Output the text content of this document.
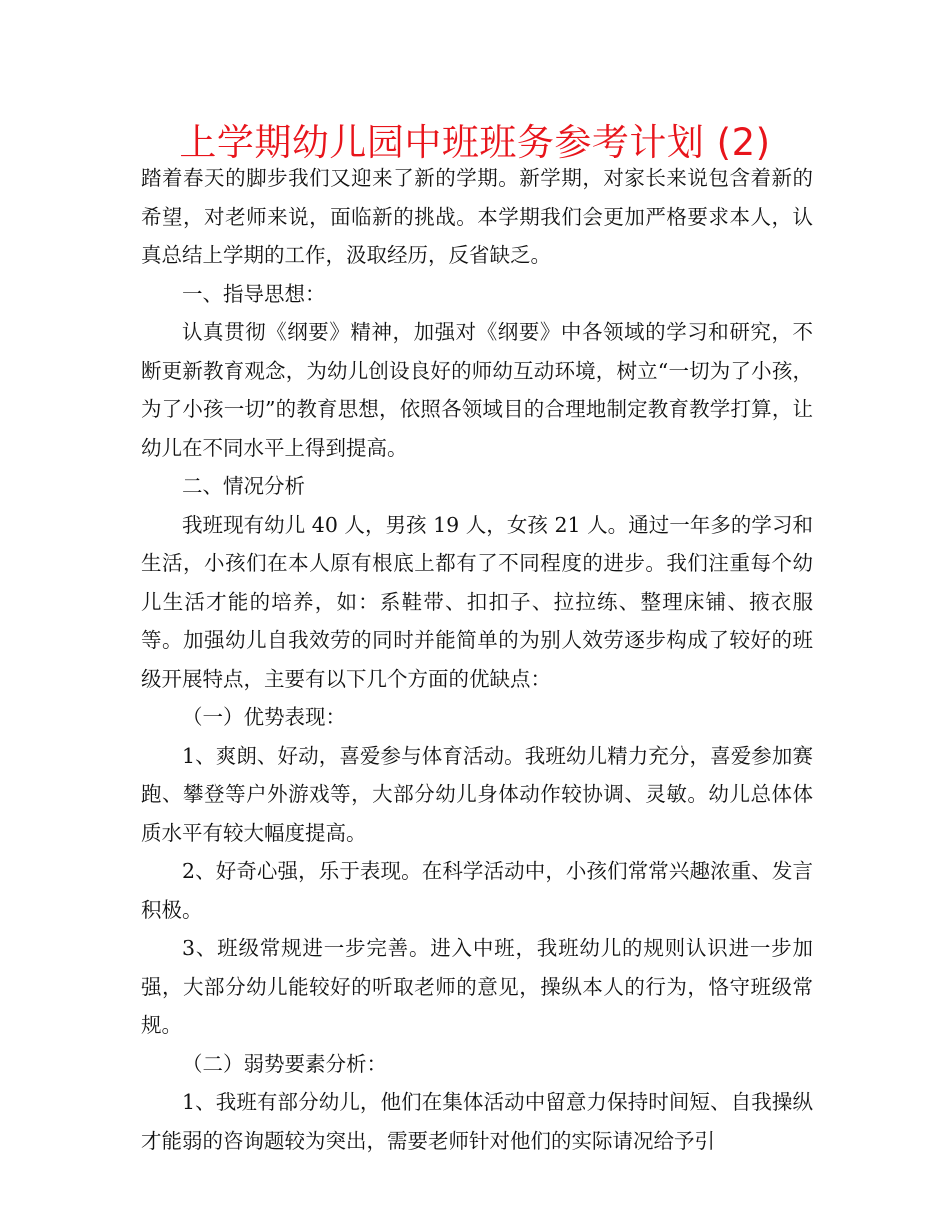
上学期幼儿园中班班务参考计划 (2)

踏着春天的脚步我们又迎来了新的学期。新学期，对家长来说包含着新的希望，对老师来说，面临新的挑战。本学期我们会更加严格要求本人，认真总结上学期的工作，汲取经历，反省缺乏。

一、指导思想：

认真贯彻《纲要》精神，加强对《纲要》中各领域的学习和研究，不断更新教育观念，为幼儿创设良好的师幼互动环境，树立“一切为了小孩，为了小孩一切”的教育思想，依照各领域目的合理地制定教育教学打算，让幼儿在不同水平上得到提高。

二、情况分析

我班现有幼儿 40 人，男孩 19 人，女孩 21 人。通过一年多的学习和生活，小孩们在本人原有根底上都有了不同程度的进步。我们注重每个幼儿生活才能的培养，如：系鞋带、扣扣子、拉拉练、整理床铺、掖衣服等。加强幼儿自我效劳的同时并能简单的为别人效劳逐步构成了较好的班级开展特点，主要有以下几个方面的优缺点：

（一）优势表现：

1、爽朗、好动，喜爱参与体育活动。我班幼儿精力充分，喜爱参加赛跑、攀登等户外游戏等，大部分幼儿身体动作较协调、灵敏。幼儿总体体质水平有较大幅度提高。

2、好奇心强，乐于表现。在科学活动中，小孩们常常兴趣浓重、发言积极。

3、班级常规进一步完善。进入中班，我班幼儿的规则认识进一步加强，大部分幼儿能较好的听取老师的意见，操纵本人的行为，恪守班级常规。

（二）弱势要素分析：

1、我班有部分幼儿，他们在集体活动中留意力保持时间短、自我操纵才能弱的咨询题较为突出，需要老师针对他们的实际请况给予引
